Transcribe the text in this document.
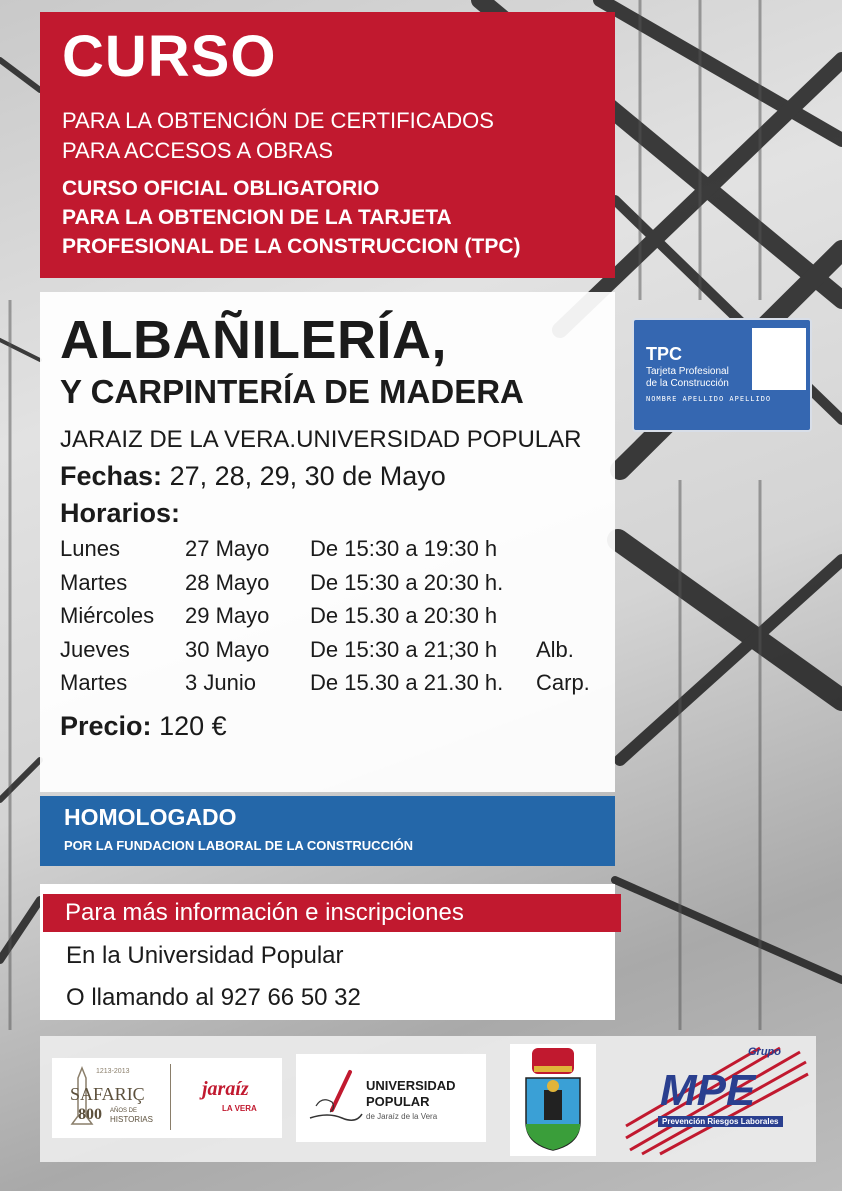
CURSO
PARA LA OBTENCIÓN DE CERTIFICADOS
PARA ACCESOS A OBRAS
CURSO OFICIAL OBLIGATORIO
PARA LA OBTENCION DE LA TARJETA
PROFESIONAL DE LA CONSTRUCCION (TPC)
TPC
Tarjeta Profesional
de la Construcción
NOMBRE APELLIDO APELLIDO
ALBAÑILERÍA,
Y CARPINTERÍA DE MADERA
JARAIZ DE LA VERA.UNIVERSIDAD POPULAR
Fechas: 27, 28, 29, 30 de Mayo
Horarios:
Lunes	27 Mayo	De 15:30 a 19:30 h	
Martes	28 Mayo	De 15:30 a 20:30 h.	
Miércoles	29 Mayo	De 15.30 a 20:30 h	
Jueves	30 Mayo	De 15:30 a 21;30 h	Alb.
Martes	3 Junio	De 15.30 a 21.30 h.	Carp.
Precio: 120 €
HOMOLOGADO
POR LA FUNDACION LABORAL DE LA CONSTRUCCIÓN
Para más información e inscripciones
En la Universidad Popular
O llamando al 927 66 50 32
1213-2013
SAFARIÇ
800 AÑOS DE
HISTORIAS
jaraíz
LA VERA
UNIVERSIDAD
POPULAR
de Jaraíz de la Vera
Grupo
MPE
Prevención Riesgos Laborales
